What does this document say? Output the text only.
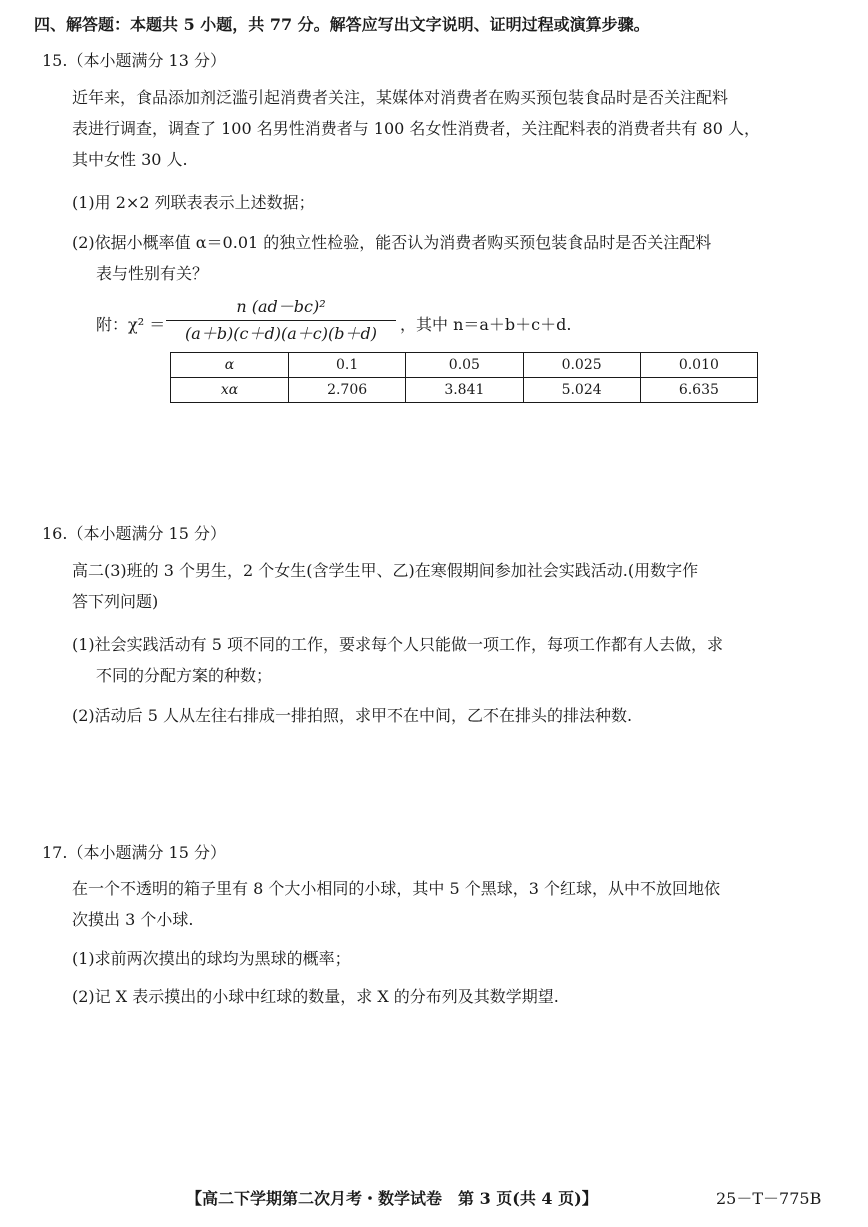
四、解答题：本题共 5 小题，共 77 分。解答应写出文字说明、证明过程或演算步骤。
15.（本小题满分 13 分）
近年来，食品添加剂泛滥引起消费者关注，某媒体对消费者在购买预包装食品时是否关注配料
表进行调查，调查了 100 名男性消费者与 100 名女性消费者，关注配料表的消费者共有 80 人，
其中女性 30 人.
(1)用 2×2 列联表表示上述数据；
(2)依据小概率值 α＝0.01 的独立性检验，能否认为消费者购买预包装食品时是否关注配料
表与性别有关？
附：χ² ＝
n (ad－bc)²
(a＋b)(c＋d)(a＋c)(b＋d)	，其中 n＝a＋b＋c＋d.
α	0.1	0.05	0.025	0.010
xα	2.706	3.841	5.024	6.635
16.（本小题满分 15 分）
高二(3)班的 3 个男生，2 个女生(含学生甲、乙)在寒假期间参加社会实践活动.(用数字作
答下列问题)
(1)社会实践活动有 5 项不同的工作，要求每个人只能做一项工作，每项工作都有人去做，求
不同的分配方案的种数；
(2)活动后 5 人从左往右排成一排拍照，求甲不在中间，乙不在排头的排法种数.
17.（本小题满分 15 分）
在一个不透明的箱子里有 8 个大小相同的小球，其中 5 个黑球，3 个红球，从中不放回地依
次摸出 3 个小球.
(1)求前两次摸出的球均为黑球的概率；
(2)记 X 表示摸出的小球中红球的数量，求 X 的分布列及其数学期望.
【高二下学期第二次月考・数学试卷　第 3 页(共 4 页)】	25－T－775B
